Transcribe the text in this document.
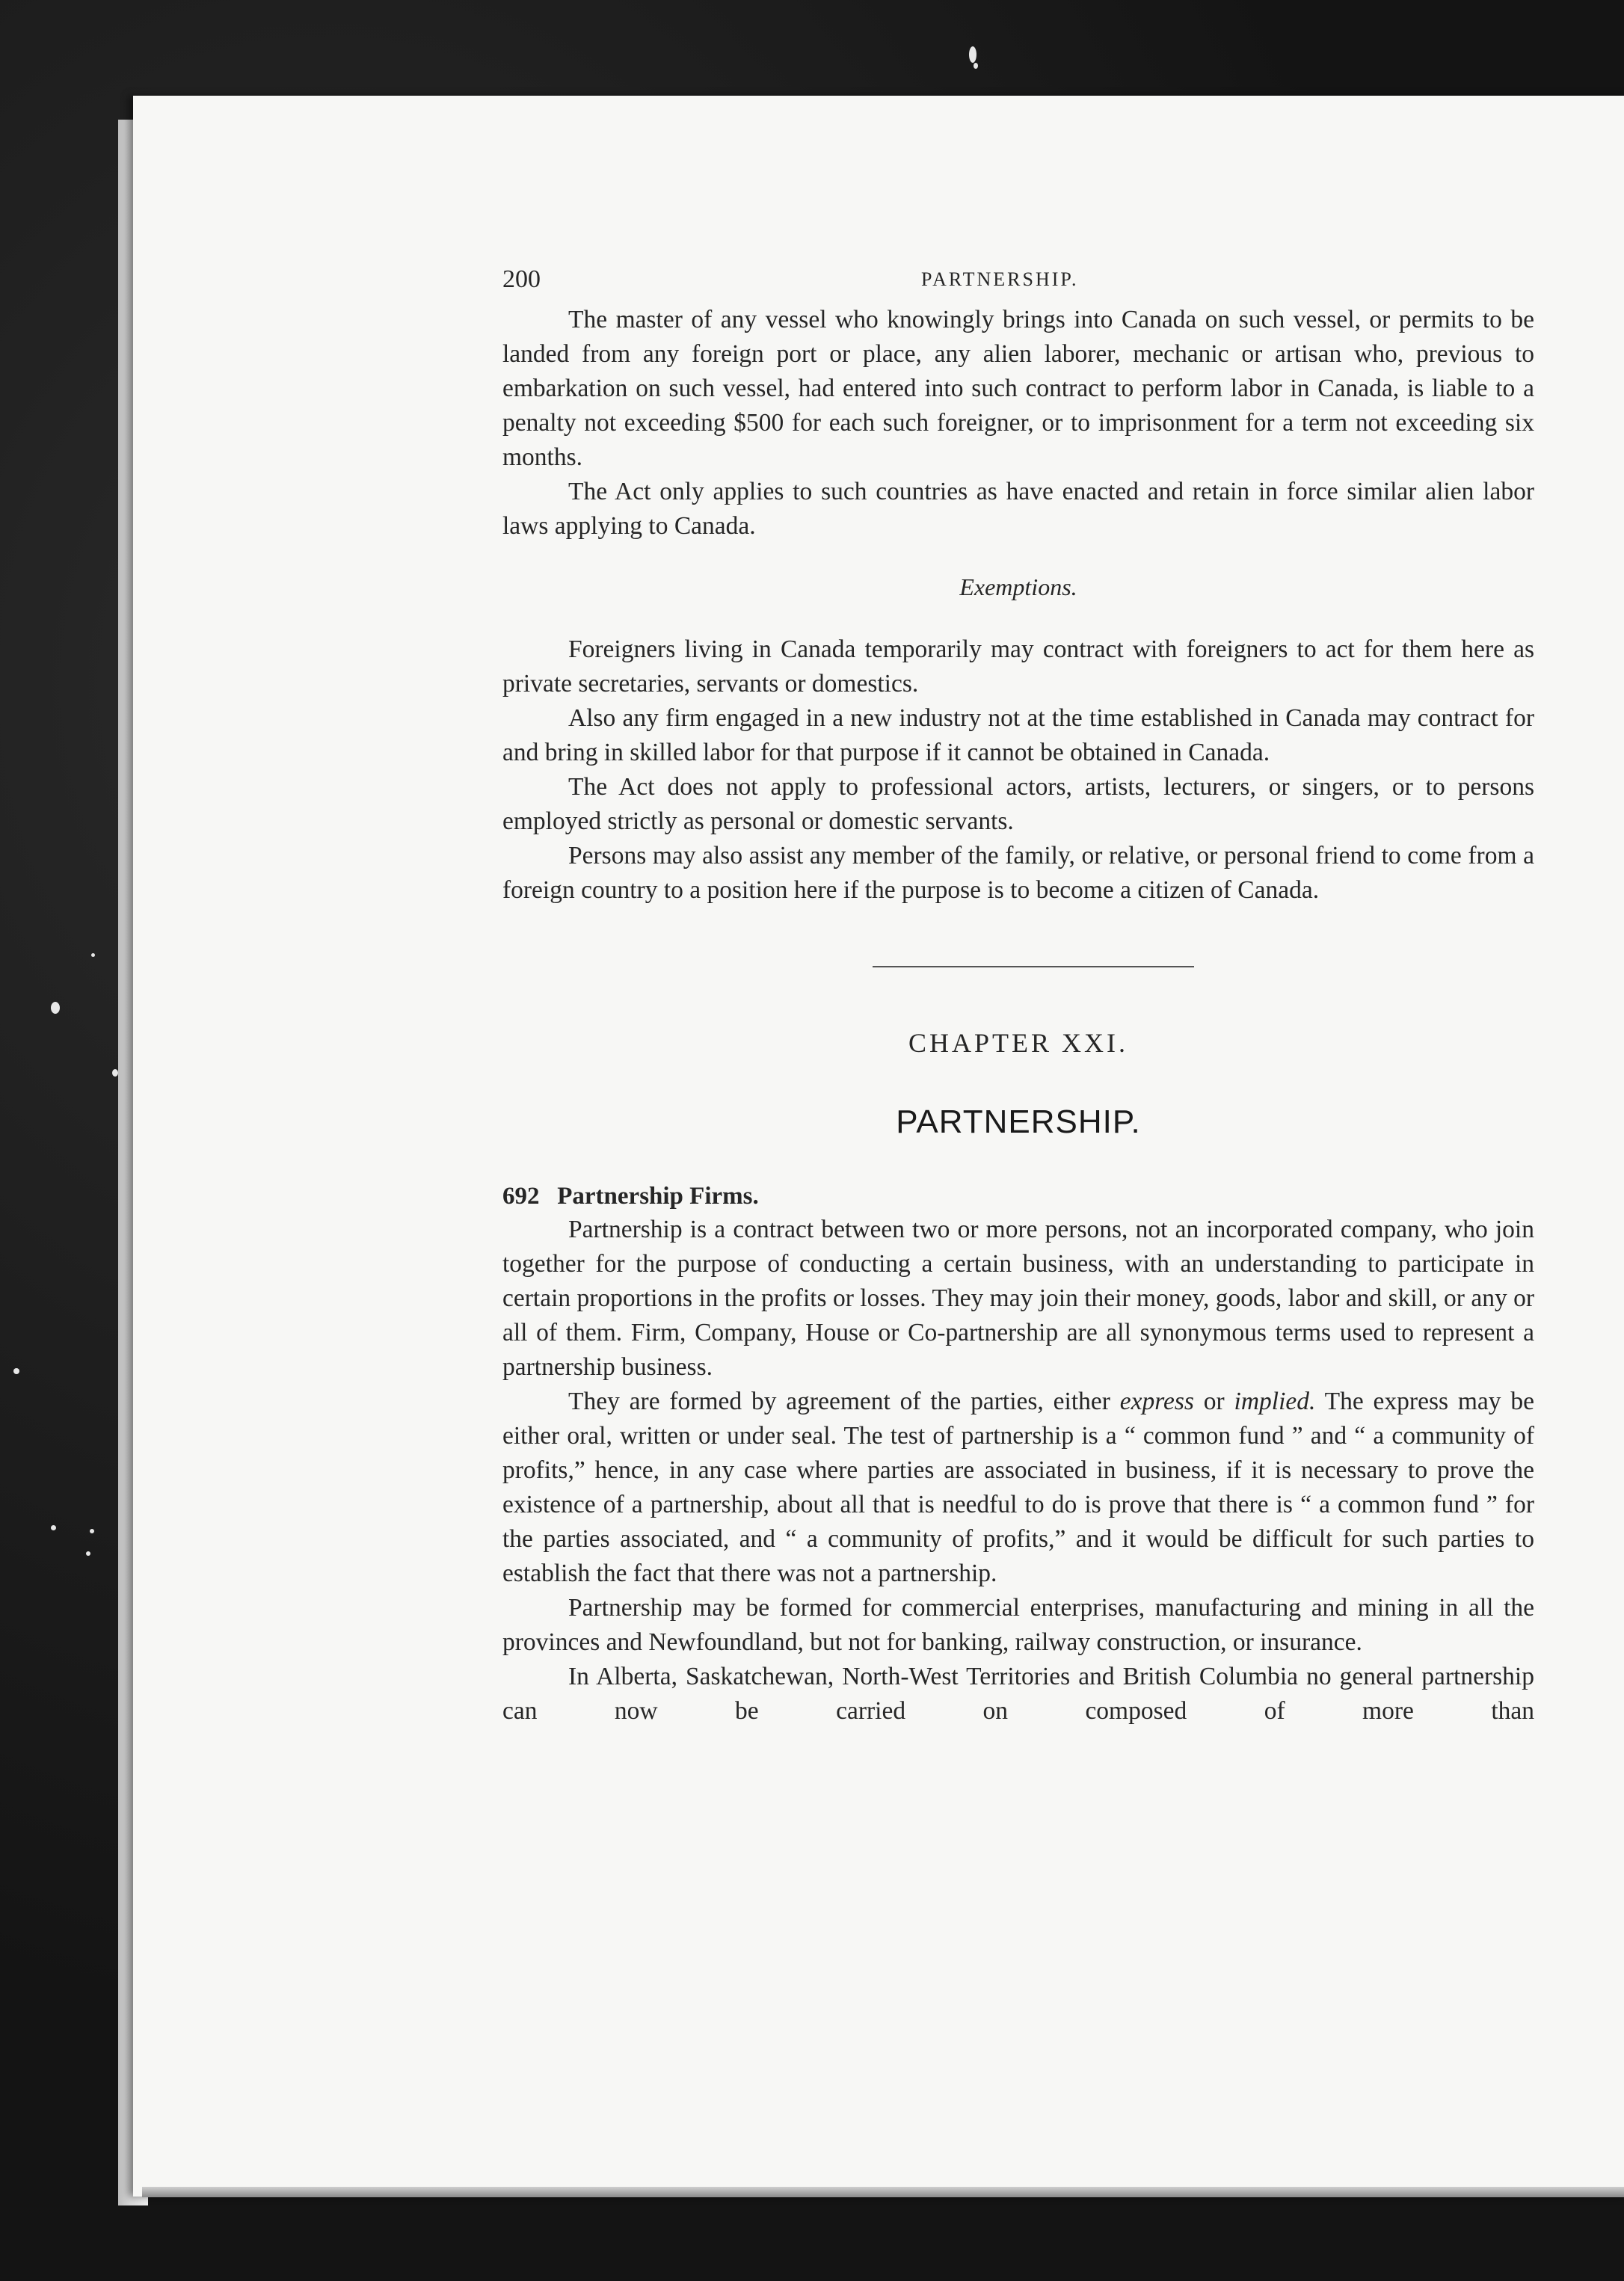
200	PARTNERSHIP.

The master of any vessel who knowingly brings into Canada on such vessel, or permits to be landed from any foreign port or place, any alien laborer, mechanic or artisan who, previous to embarkation on such vessel, had entered into such contract to perform labor in Canada, is liable to a penalty not exceeding $500 for each such foreigner, or to imprisonment for a term not exceeding six months.

The Act only applies to such countries as have enacted and retain in force similar alien labor laws applying to Canada.

Exemptions.

Foreigners living in Canada temporarily may contract with foreigners to act for them here as private secretaries, servants or domestics.

Also any firm engaged in a new industry not at the time established in Canada may contract for and bring in skilled labor for that purpose if it cannot be obtained in Canada.

The Act does not apply to professional actors, artists, lecturers, or singers, or to persons employed strictly as personal or domestic servants.

Persons may also assist any member of the family, or relative, or personal friend to come from a foreign country to a position here if the purpose is to become a citizen of Canada.

CHAPTER XXI.
PARTNERSHIP.
692 Partnership Firms.

Partnership is a contract between two or more persons, not an incorporated company, who join together for the purpose of conducting a certain business, with an understanding to participate in certain proportions in the profits or losses. They may join their money, goods, labor and skill, or any or all of them. Firm, Company, House or Co-partnership are all synonymous terms used to represent a partnership business.

They are formed by agreement of the parties, either express or implied. The express may be either oral, written or under seal. The test of partnership is a “ common fund ” and “ a community of profits,” hence, in any case where parties are associated in business, if it is necessary to prove the existence of a partnership, about all that is needful to do is prove that there is “ a common fund ” for the parties associated, and “ a community of profits,” and it would be difficult for such parties to establish the fact that there was not a partnership.

Partnership may be formed for commercial enterprises, manufacturing and mining in all the provinces and Newfoundland, but not for banking, railway construction, or insurance.

In Alberta, Saskatchewan, North-West Territories and British Columbia no general partnership can now be carried on composed of more than
